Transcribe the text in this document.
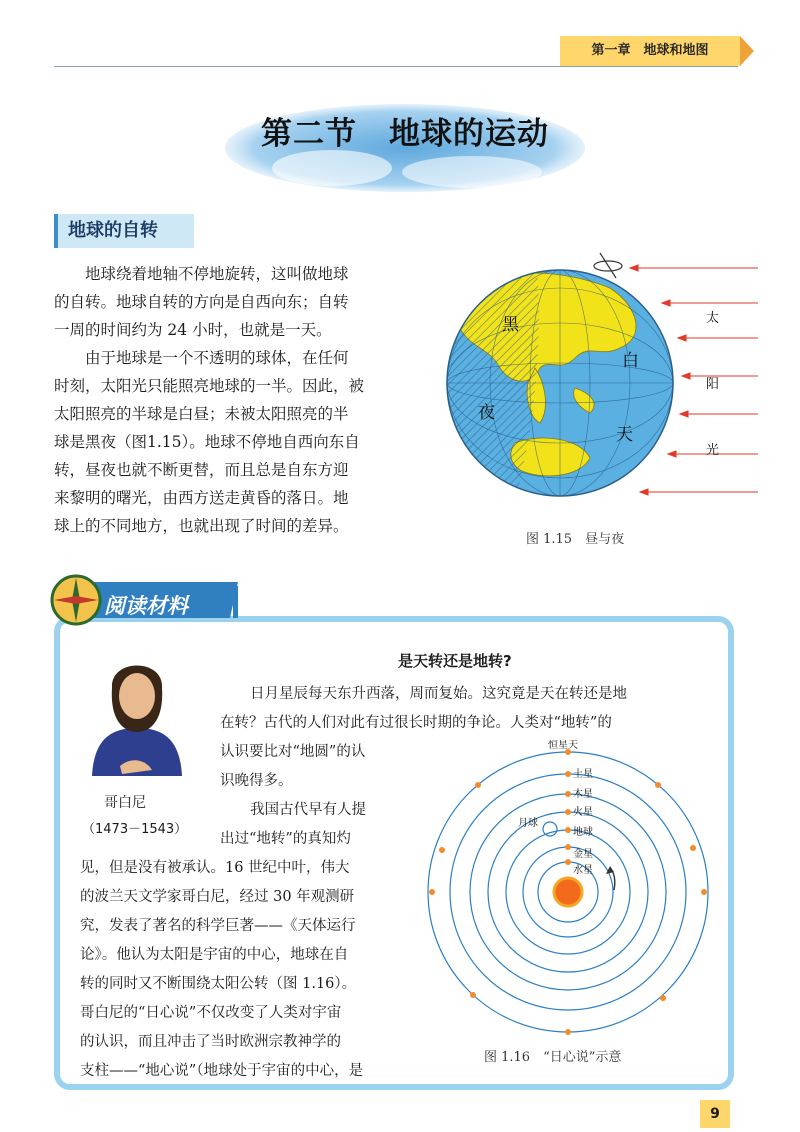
第一章　地球和地图
第二节　地球的运动
地球的自转
地球绕着地轴不停地旋转，这叫做地球
的自转。地球自转的方向是自西向东；自转
一周的时间约为 24 小时，也就是一天。
由于地球是一个不透明的球体，在任何
时刻，太阳光只能照亮地球的一半。因此，被
太阳照亮的半球是白昼；未被太阳照亮的半
球是黑夜（图1.15）。地球不停地自西向东自
转，昼夜也就不断更替，而且总是自东方迎
来黎明的曙光，由西方送走黄昏的落日。地
球上的不同地方，也就出现了时间的差异。
黑
夜
白
天
太
阳
光
图 1.15　昼与夜
阅读材料
哥白尼
（1473－1543）
是天转还是地转?
日月星辰每天东升西落，周而复始。这究竟是天在转还是地
在转？古代的人们对此有过很长时期的争论。人类对“地转”的
认识要比对“地圆”的认
识晚得多。
我国古代早有人提
出过“地转”的真知灼
见，但是没有被承认。16 世纪中叶，伟大
的波兰天文学家哥白尼，经过 30 年观测研
究，发表了著名的科学巨著——《天体运行
论》。他认为太阳是宇宙的中心，地球在自
转的同时又不断围绕太阳公转（图 1.16）。
哥白尼的“日心说”不仅改变了人类对宇宙
的认识，而且冲击了当时欧洲宗教神学的
支柱——“地心说”（地球处于宇宙的中心，是
恒星天
土星
木星
火星
月球
地球
金星
水星
图 1.16　“日心说”示意
9
